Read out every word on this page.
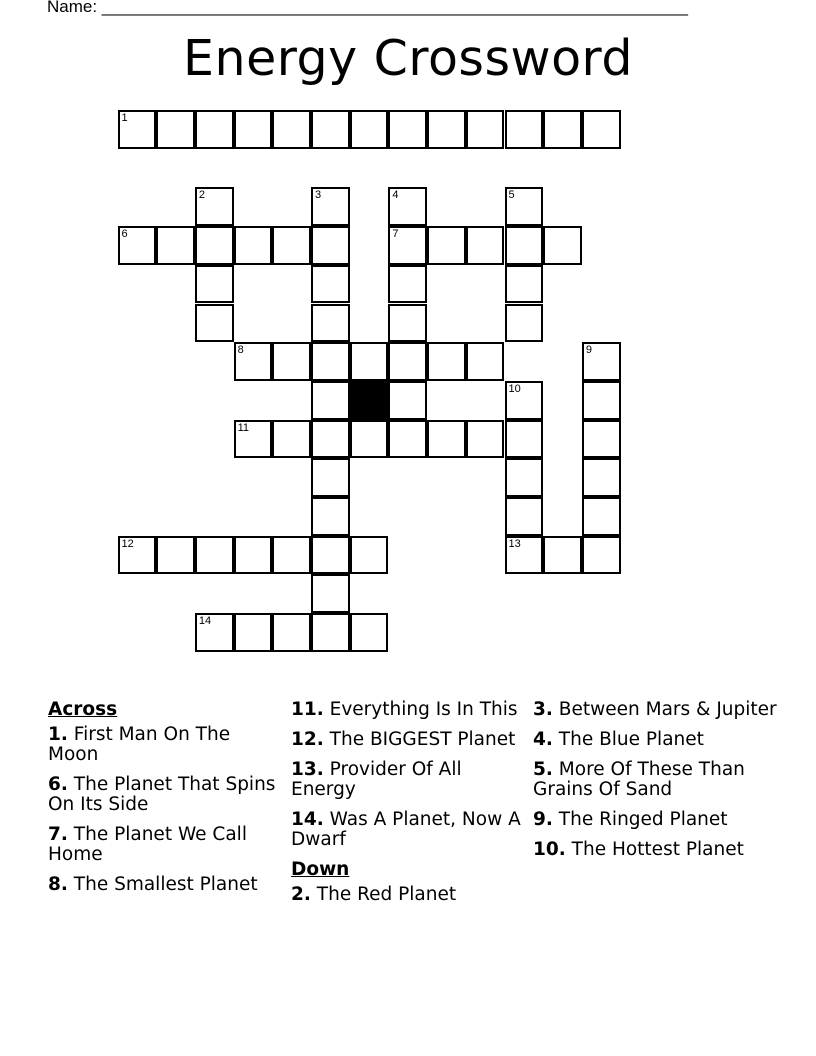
Name: ______________________________________________________________
Energy Crossword
1
2	3	4	5
6	7
8	9
10
11
12	13
14
Across
1. First Man On The Moon
6. The Planet That Spins On Its Side
7. The Planet We Call Home
8. The Smallest Planet
11. Everything Is In This
12. The BIGGEST Planet
13. Provider Of All Energy
14. Was A Planet, Now A Dwarf
Down
2. The Red Planet
3. Between Mars & Jupiter
4. The Blue Planet
5. More Of These Than Grains Of Sand
9. The Ringed Planet
10. The Hottest Planet
